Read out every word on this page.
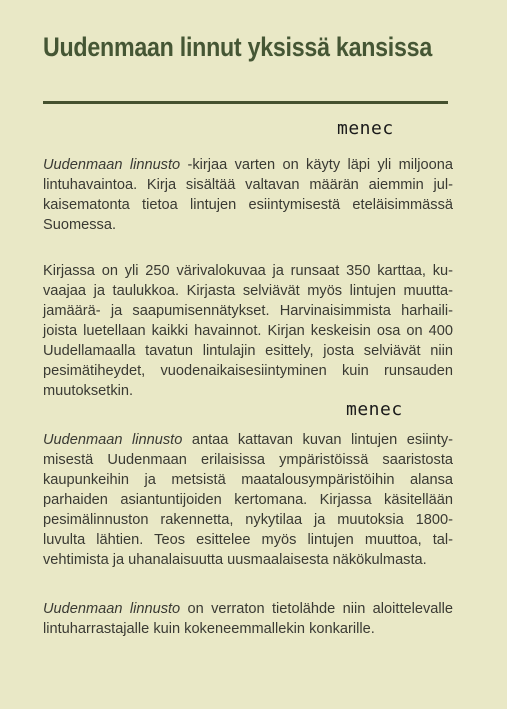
Uudenmaan linnut yksissä kansissa
menec
menec

Uudenmaan linnusto -kirjaa varten on käyty läpi yli miljoona
lintuhavaintoa. Kirja sisältää valtavan määrän aiemmin jul-
kaisematonta tietoa lintujen esiintymisestä eteläisimmässä
Suomessa.

Kirjassa on yli 250 värivalokuvaa ja runsaat 350 karttaa, ku-
vaajaa ja taulukkoa. Kirjasta selviävät myös lintujen muutta-
jamäärä- ja saapumisennätykset. Harvinaisimmista harhaili-
joista luetellaan kaikki havainnot. Kirjan keskeisin osa on 400
Uudellamaalla tavatun lintulajin esittely, josta selviävät niin
pesimätiheydet, vuodenaikaisesiintyminen kuin runsauden
muutoksetkin.

Uudenmaan linnusto antaa kattavan kuvan lintujen esiinty-
misestä Uudenmaan erilaisissa ympäristöissä saaristosta
kaupunkeihin ja metsistä maatalousympäristöihin alansa
parhaiden asiantuntijoiden kertomana. Kirjassa käsitellään
pesimälinnuston rakennetta, nykytilaa ja muutoksia 1800-
luvulta lähtien. Teos esittelee myös lintujen muuttoa, tal-
vehtimista ja uhanalaisuutta uusmaalaisesta näkökulmasta.

Uudenmaan linnusto on verraton tietolähde niin aloittelevalle
lintuharrastajalle kuin kokeneemmallekin konkarille.
